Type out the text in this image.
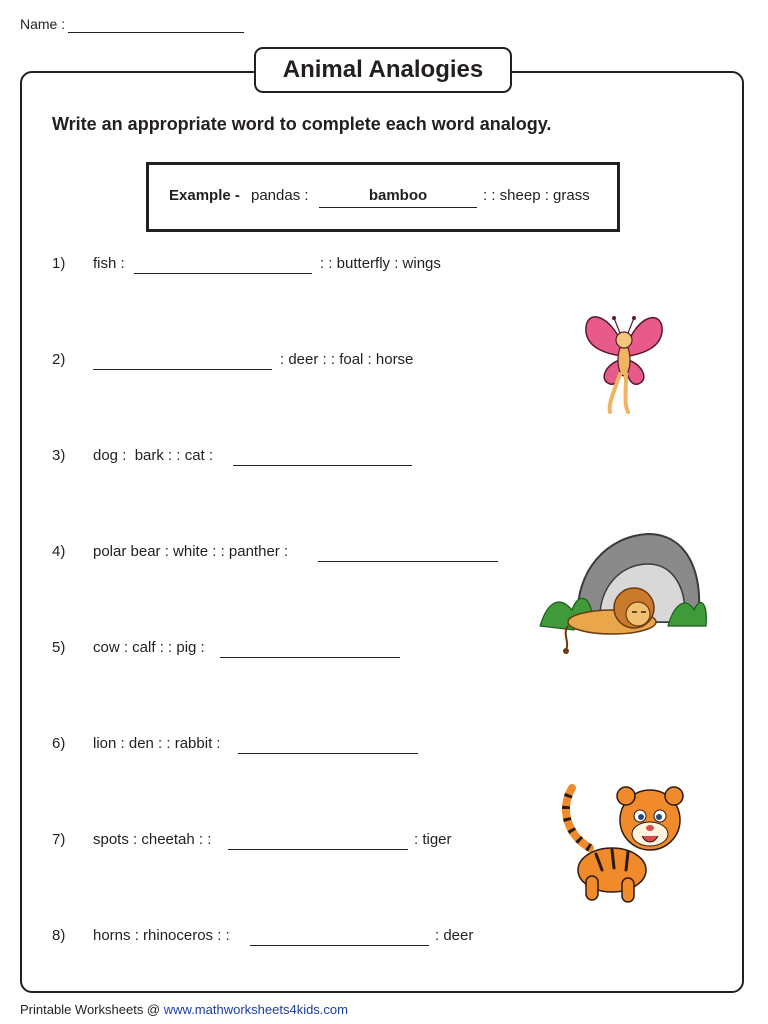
Name :
Animal Analogies
Write an appropriate word to complete each word analogy.
Example - pandas :	bamboo	: : sheep : grass
1) fish :	: : butterfly : wings
2)	: deer : : foal : horse
3) dog :  bark : : cat :
4) polar bear : white : : panther :
5) cow : calf : : pig :
6) lion : den : : rabbit :
7) spots : cheetah : :	: tiger
8) horns : rhinoceros : :	: deer
Printable Worksheets @ www.mathworksheets4kids.com
